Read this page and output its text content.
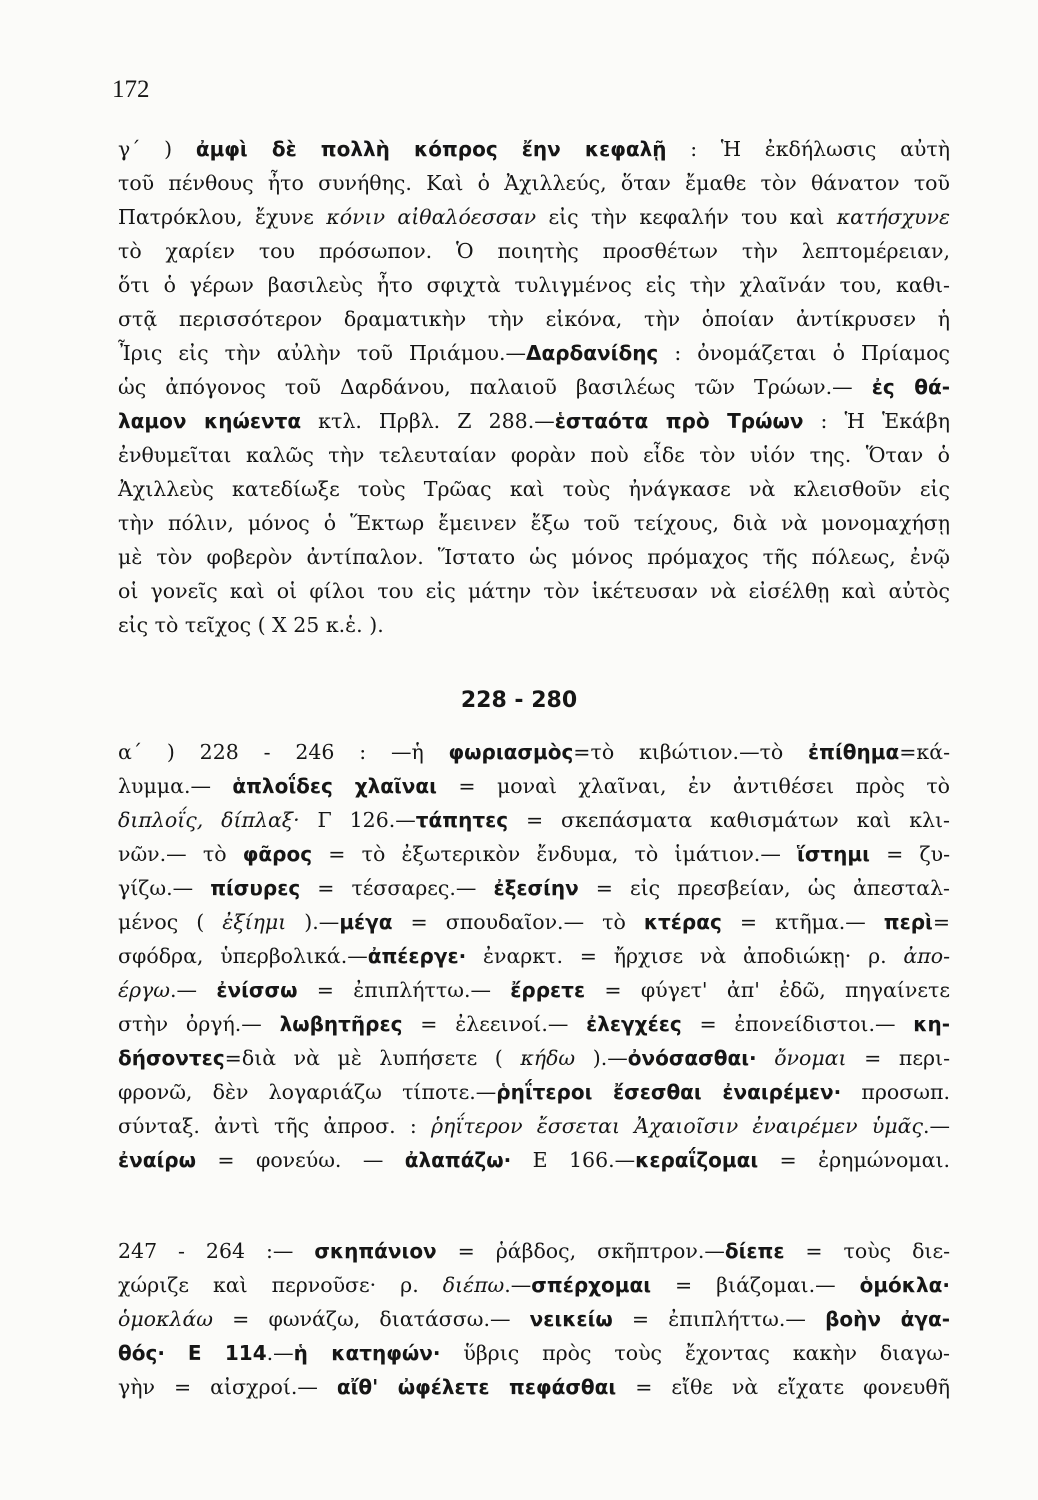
172
228 - 280
γ΄ ) ἀμφὶ δὲ πολλὴ κόπρος ἔην κεφαλῇ : Ἡ ἐκδήλωσις αὐτὴ
τοῦ πένθους ἦτο συνήθης. Καὶ ὁ Ἀχιλλεύς, ὅταν ἔμαθε τὸν θάνατον τοῦ
Πατρόκλου, ἔχυνε κόνιν αἰθαλόεσσαν εἰς τὴν κεφαλήν του καὶ κατήσχυνε
τὸ χαρίεν του πρόσωπον. Ὁ ποιητὴς προσθέτων τὴν λεπτομέρειαν,
ὅτι ὁ γέρων βασιλεὺς ἦτο σφιχτὰ τυλιγμένος εἰς τὴν χλαῖνάν του, καθι-
στᾷ περισσότερον δραματικὴν τὴν εἰκόνα, τὴν ὁποίαν ἀντίκρυσεν ἡ
Ἶρις εἰς τὴν αὐλὴν τοῦ Πριάμου.—Δαρδανίδης : ὀνομάζεται ὁ Πρίαμος
ὡς ἀπόγονος τοῦ Δαρδάνου, παλαιοῦ βασιλέως τῶν Τρώων.— ἐς θά-
λαμον κηώεντα κτλ. Πρβλ. Ζ 288.—ἑσταότα πρὸ Τρώων : Ἡ Ἑκάβη
ἐνθυμεῖται καλῶς τὴν τελευταίαν φορὰν ποὺ εἶδε τὸν υἱόν της. Ὅταν ὁ
Ἀχιλλεὺς κατεδίωξε τοὺς Τρῶας καὶ τοὺς ἠνάγκασε νὰ κλεισθοῦν εἰς
τὴν πόλιν, μόνος ὁ Ἕκτωρ ἔμεινεν ἔξω τοῦ τείχους, διὰ νὰ μονομαχήσῃ
μὲ τὸν φοβερὸν ἀντίπαλον. Ἵστατο ὡς μόνος πρόμαχος τῆς πόλεως, ἐνῷ
οἱ γονεῖς καὶ οἱ φίλοι του εἰς μάτην τὸν ἱκέτευσαν νὰ εἰσέλθῃ καὶ αὐτὸς
εἰς τὸ τεῖχος ( Χ 25 κ.ἑ. ).
α΄ ) 228 - 246 : —ἡ φωριασμὸς=τὸ κιβώτιον.—τὸ ἐπίθημα=κά-
λυμμα.— ἁπλοΐδες χλαῖναι = μοναὶ χλαῖναι, ἐν ἀντιθέσει πρὸς τὸ
διπλοΐς, δίπλαξ· Γ 126.—τάπητες = σκεπάσματα καθισμάτων καὶ κλι-
νῶν.— τὸ φᾶρος = τὸ ἐξωτερικὸν ἔνδυμα, τὸ ἱμάτιον.— ἵστημι = ζυ-
γίζω.— πίσυρες = τέσσαρες.— ἐξεσίην = εἰς πρεσβείαν, ὡς ἀπεσταλ-
μένος ( ἐξίημι ).—μέγα = σπουδαῖον.— τὸ κτέρας = κτῆμα.— περὶ=
σφόδρα, ὑπερβολικά.—ἀπέεργε· ἐναρκτ. = ἤρχισε νὰ ἀποδιώκῃ· ρ. ἀπο-
έργω.— ἐνίσσω = ἐπιπλήττω.— ἔρρετε = φύγετ' ἀπ' ἐδῶ, πηγαίνετε
στὴν ὀργή.— λωβητῆρες = ἐλεεινοί.— ἐλεγχέες = ἐπονείδιστοι.— κη-
δήσοντες=διὰ νὰ μὲ λυπήσετε ( κήδω ).—ὀνόσασθαι· ὄνομαι = περι-
φρονῶ, δὲν λογαριάζω τίποτε.—ῥηΐτεροι ἔσεσθαι ἐναιρέμεν· προσωπ.
σύνταξ. ἀντὶ τῆς ἀπροσ. : ῥηΐτερον ἔσσεται Ἀχαιοῖσιν ἐναιρέμεν ὑμᾶς.—
ἐναίρω = φονεύω. — ἀλαπάζω· Ε 166.—κεραΐζομαι = ἐρημώνομαι.
247 - 264 :— σκηπάνιον = ῥάβδος, σκῆπτρον.—δίεπε = τοὺς διε-
χώριζε καὶ περνοῦσε· ρ. διέπω.—σπέρχομαι = βιάζομαι.— ὁμόκλα·
ὁμοκλάω = φωνάζω, διατάσσω.— νεικείω = ἐπιπλήττω.— βοὴν ἀγα-
θός· Ε 114.—ἡ κατηφών· ὕβρις πρὸς τοὺς ἔχοντας κακὴν διαγω-
γὴν = αἰσχροί.— αἴθ' ὠφέλετε πεφάσθαι = εἴθε νὰ εἴχατε φονευθῆ
